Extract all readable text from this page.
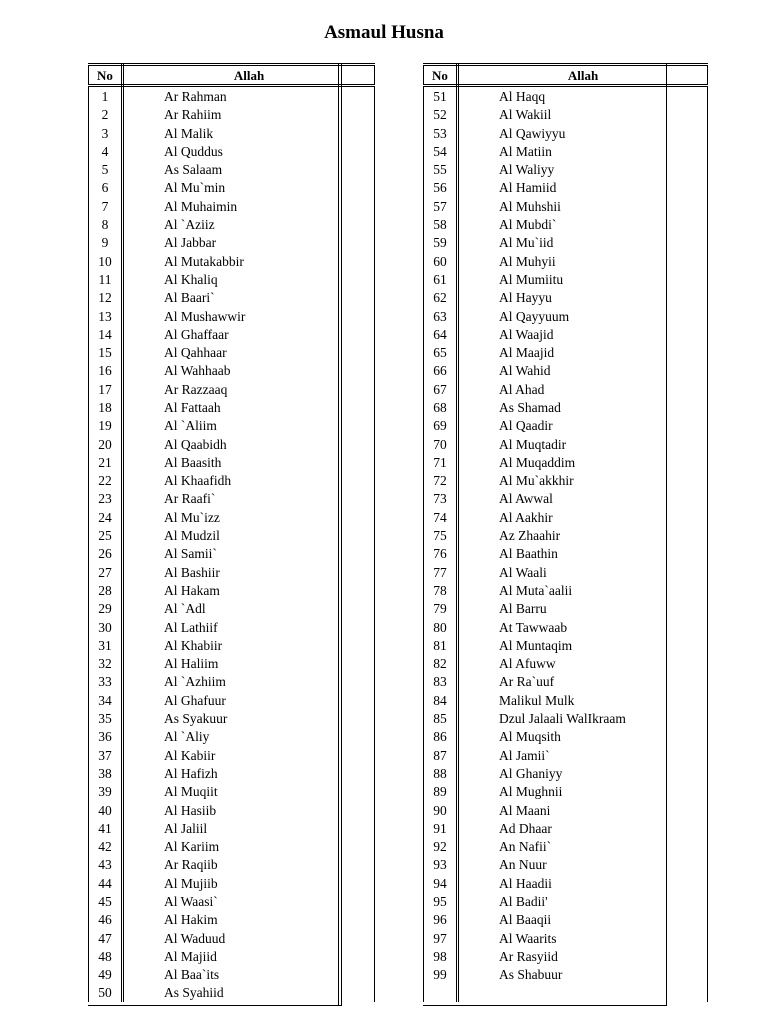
Asmaul Husna
No	Allah
1	Ar Rahman
2	Ar Rahiim
3	Al Malik
4	Al Quddus
5	As Salaam
6	Al Mu`min
7	Al Muhaimin
8	Al `Aziiz
9	Al Jabbar
10	Al Mutakabbir
11	Al Khaliq
12	Al Baari`
13	Al Mushawwir
14	Al Ghaffaar
15	Al Qahhaar
16	Al Wahhaab
17	Ar Razzaaq
18	Al Fattaah
19	Al `Aliim
20	Al Qaabidh
21	Al Baasith
22	Al Khaafidh
23	Ar Raafi`
24	Al Mu`izz
25	Al Mudzil
26	Al Samii`
27	Al Bashiir
28	Al Hakam
29	Al `Adl
30	Al Lathiif
31	Al Khabiir
32	Al Haliim
33	Al `Azhiim
34	Al Ghafuur
35	As Syakuur
36	Al `Aliy
37	Al Kabiir
38	Al Hafizh
39	Al Muqiit
40	Al Hasiib
41	Al Jaliil
42	Al Kariim
43	Ar Raqiib
44	Al Mujiib
45	Al Waasi`
46	Al Hakim
47	Al Waduud
48	Al Majiid
49	Al Baa`its
50	As Syahiid
No	Allah
51	Al Haqq
52	Al Wakiil
53	Al Qawiyyu
54	Al Matiin
55	Al Waliyy
56	Al Hamiid
57	Al Muhshii
58	Al Mubdi`
59	Al Mu`iid
60	Al Muhyii
61	Al Mumiitu
62	Al Hayyu
63	Al Qayyuum
64	Al Waajid
65	Al Maajid
66	Al Wahid
67	Al Ahad
68	As Shamad
69	Al Qaadir
70	Al Muqtadir
71	Al Muqaddim
72	Al Mu`akkhir
73	Al Awwal
74	Al Aakhir
75	Az Zhaahir
76	Al Baathin
77	Al Waali
78	Al Muta`aalii
79	Al Barru
80	At Tawwaab
81	Al Muntaqim
82	Al Afuww
83	Ar Ra`uuf
84	Malikul Mulk
85	Dzul Jalaali WalIkraam
86	Al Muqsith
87	Al Jamii`
88	Al Ghaniyy
89	Al Mughnii
90	Al Maani
91	Ad Dhaar
92	An Nafii`
93	An Nuur
94	Al Haadii
95	Al Badii'
96	Al Baaqii
97	Al Waarits
98	Ar Rasyiid
99	As Shabuur
